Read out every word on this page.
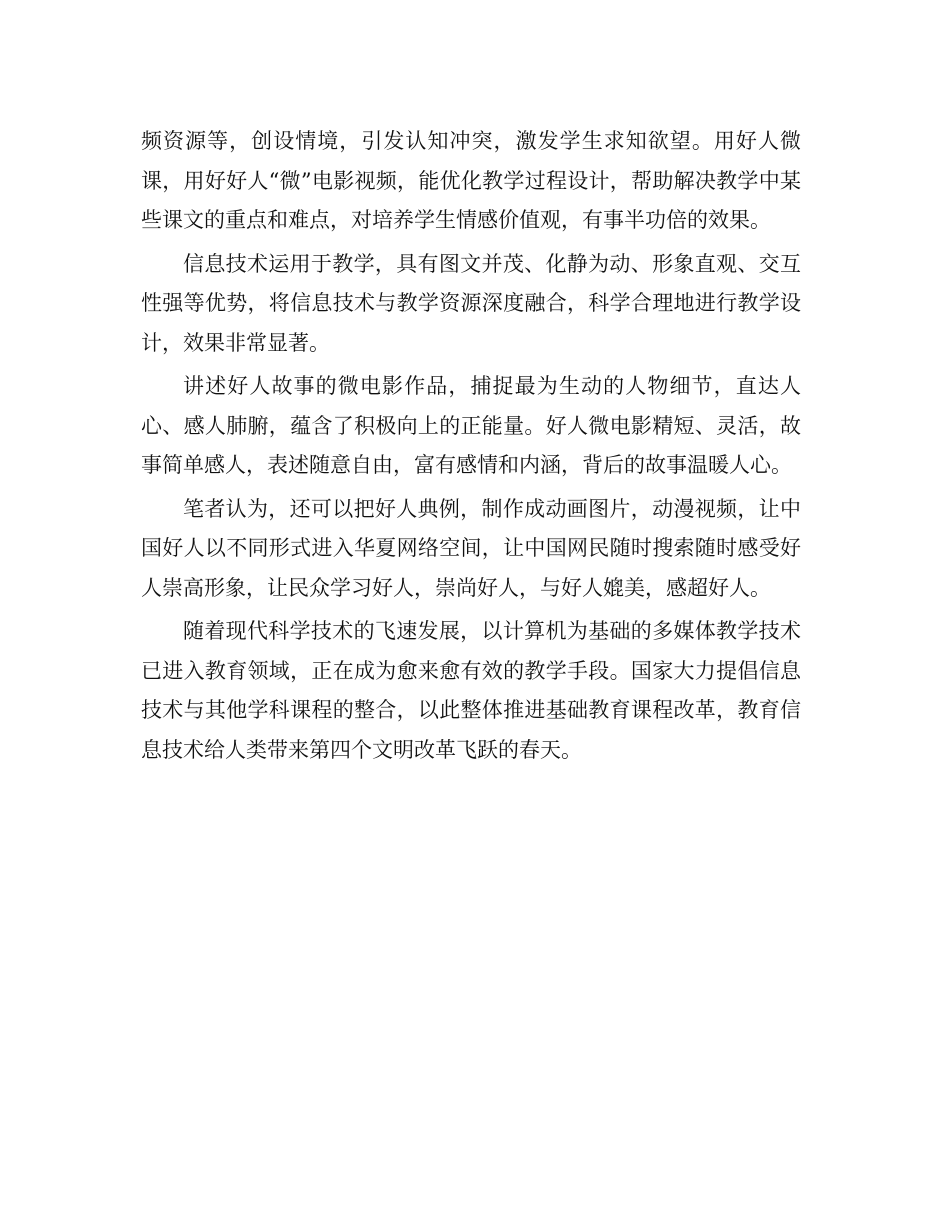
频资源等，创设情境，引发认知冲突，激发学生求知欲望。用好人微课，用好好人“微”电影视频，能优化教学过程设计，帮助解决教学中某些课文的重点和难点，对培养学生情感价值观，有事半功倍的效果。

信息技术运用于教学，具有图文并茂、化静为动、形象直观、交互性强等优势，将信息技术与教学资源深度融合，科学合理地进行教学设计，效果非常显著。

讲述好人故事的微电影作品，捕捉最为生动的人物细节，直达人心、感人肺腑，蕴含了积极向上的正能量。好人微电影精短、灵活，故事简单感人，表述随意自由，富有感情和内涵，背后的故事温暖人心。

笔者认为，还可以把好人典例，制作成动画图片，动漫视频，让中国好人以不同形式进入华夏网络空间，让中国网民随时搜索随时感受好人崇高形象，让民众学习好人，崇尚好人，与好人媲美，感超好人。

随着现代科学技术的飞速发展，以计算机为基础的多媒体教学技术已进入教育领域，正在成为愈来愈有效的教学手段。国家大力提倡信息技术与其他学科课程的整合，以此整体推进基础教育课程改革，教育信息技术给人类带来第四个文明改革飞跃的春天。
